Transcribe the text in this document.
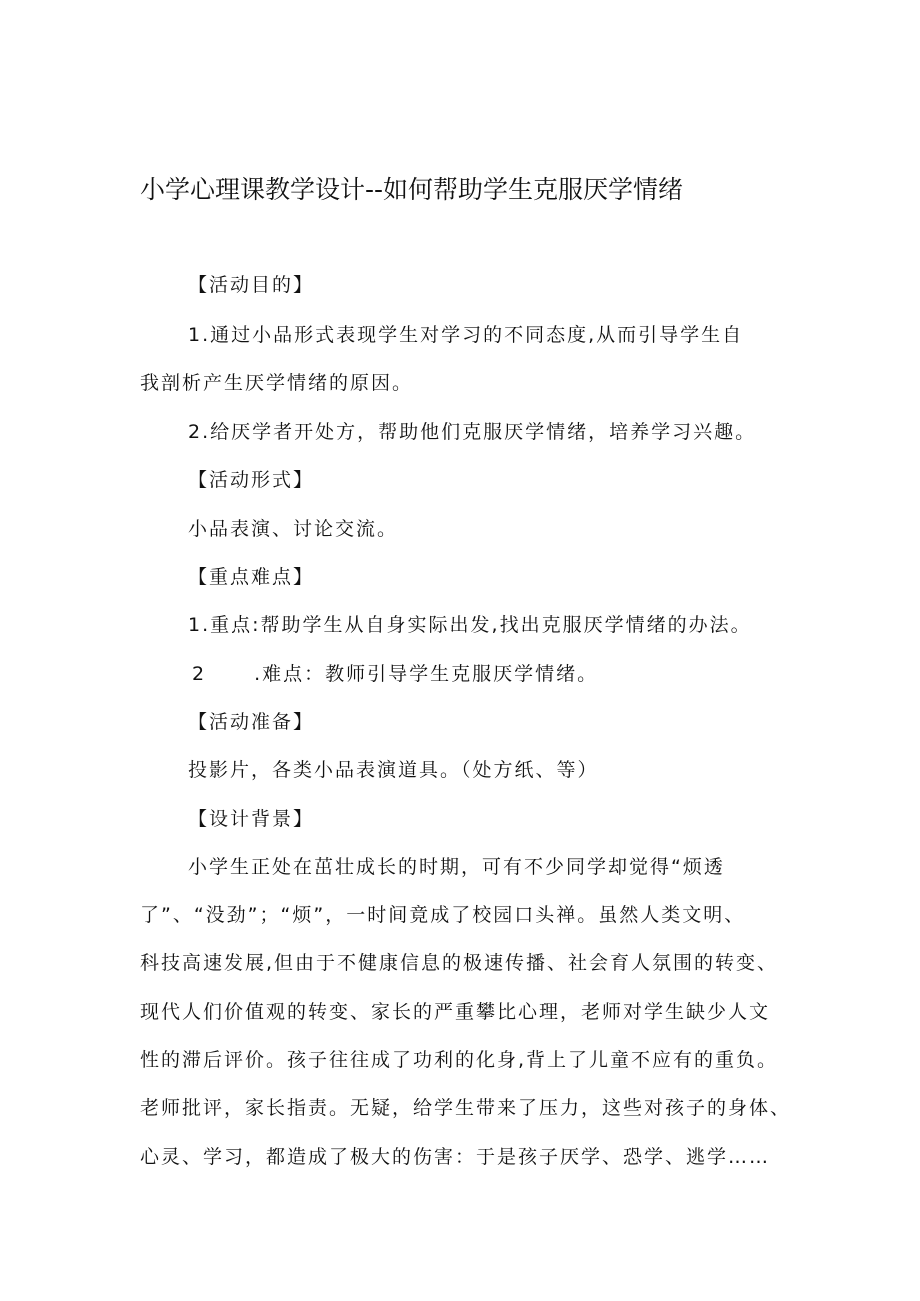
小学心理课教学设计--如何帮助学生克服厌学情绪
【活动目的】
1.通过小品形式表现学生对学习的不同态度,从而引导学生自
我剖析产生厌学情绪的原因。
2.给厌学者开处方，帮助他们克服厌学情绪，培养学习兴趣。
【活动形式】
小品表演、讨论交流。
【重点难点】
1.重点:帮助学生从自身实际出发,找出克服厌学情绪的办法。
2	.难点：教师引导学生克服厌学情绪。
【活动准备】
投影片，各类小品表演道具。（处方纸、等）
【设计背景】
小学生正处在茁壮成长的时期，可有不少同学却觉得“烦透
了”、“没劲”；“烦”，一时间竟成了校园口头禅。虽然人类文明、
科技高速发展,但由于不健康信息的极速传播、社会育人氛围的转变、
现代人们价值观的转变、家长的严重攀比心理，老师对学生缺少人文
性的滞后评价。孩子往往成了功利的化身,背上了儿童不应有的重负。
老师批评，家长指责。无疑，给学生带来了压力，这些对孩子的身体、
心灵、学习，都造成了极大的伤害：于是孩子厌学、恐学、逃学……
